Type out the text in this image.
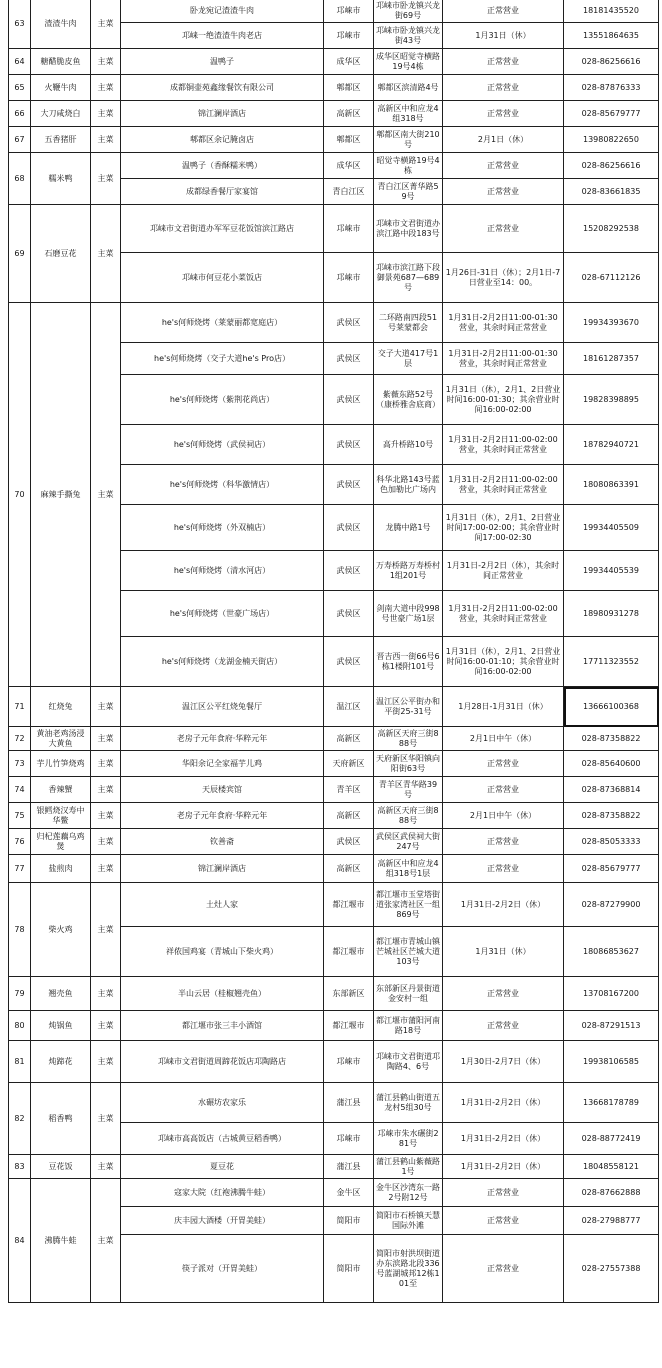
63	渣渣牛肉	主菜	卧龙宛记渣渣牛肉	邛崃市	邛崃市卧龙镇兴龙街69号	正常营业	18181435520
			邛崃一绝渣渣牛肉老店	邛崃市	邛崃市卧龙镇兴龙街43号	1月31日（休）	13551864635
64	糖醋脆皮鱼	主菜	温鸭子	成华区	成华区昭觉寺横路19号4栋	正常营业	028-86256616
65	火鞭牛肉	主菜	成都铜壶苑鑫缘餐饮有限公司	郫都区	郫都区滨清路4号	正常营业	028-87876333
66	大刀咸烧白	主菜	锦江澜岸酒店	高新区	高新区中和应龙4组318号	正常营业	028-85679777
67	五香猪肝	主菜	郫都区余记腌卤店	郫都区	郫都区南大街210号	2月1日（休）	13980822650
68	糯米鸭	主菜	温鸭子（香酥糯米鸭）	成华区	昭觉寺横路19号4栋	正常营业	028-86256616
			成都绿香餐厅家宴馆	青白江区	青白江区菁华路59号	正常营业	028-83661835
69	石磨豆花	主菜	邛崃市文君街道办军军豆花饭馆滨江路店	邛崃市	邛崃市文君街道办滨江路中段183号	正常营业	15208292538
			邛崃市何豆花小菜饭店	邛崃市	邛崃市滨江路下段御景苑687—689号	1月26日-31日（休）；2月1日-7日营业至14：00。	028-67112126
70	麻辣手撕兔	主菜	he's何师烧烤（莱蒙丽都宽庭店）	武侯区	二环路南四段51号莱蒙都会	1月31日-2月2日11:00-01:30营业，其余时间正常营业	19934393670
			he's何师烧烤（交子大道he's Pro店）	武侯区	交子大道417号1层	1月31日-2月2日11:00-01:30营业，其余时间正常营业	18161287357
			he's何师烧烤（紫荆花尚店）	武侯区	紫薇东路52号（康桥雅舍底商）	1月31日（休），2月1、2日营业时间16:00-01:30；其余营业时间16:00-02:00	19828398895
			he's何师烧烤（武侯祠店）	武侯区	高升桥路10号	1月31日-2月2日11:00-02:00营业，其余时间正常营业	18782940721
			he's何师烧烤（科华激情店）	武侯区	科华北路143号蓝色加勒比广场内	1月31日-2月2日11:00-02:00营业，其余时间正常营业	18080863391
			he's何师烧烤（外双楠店）	武侯区	龙腾中路1号	1月31日（休），2月1、2日营业时间17:00-02:00；其余营业时间17:00-02:30	19934405509
			he's何师烧烤（清水河店）	武侯区	万寿桥路万寿桥村1组201号	1月31日-2月2日（休），其余时间正常营业	19934405539
			he's何师烧烤（世豪广场店）	武侯区	剑南大道中段998号世豪广场1层	1月31日-2月2日11:00-02:00营业，其余时间正常营业	18980931278
			he's何师烧烤（龙湖金楠天街店）	武侯区	晋吉西一街66号6栋1楼附101号	1月31日（休），2月1、2日营业时间16:00-01:10；其余营业时间16:00-02:00	17711323552
71	红烧兔	主菜	温江区公平红烧兔餐厅	温江区	温江区公平街办和平街25-31号	1月28日-1月31日（休）	13666100368
72	黄油老鸡汤浸大黄鱼	主菜	老房子元年食府·华粹元年	高新区	高新区天府三街888号	2月1日中午（休）	028-87358822
73	芋儿竹笋烧鸡	主菜	华阳余记全家福芋儿鸡	天府新区	天府新区华阳镇向阳街63号	正常营业	028-85640600
74	香辣蟹	主菜	天辰楼宾馆	青羊区	青羊区青华路39号	正常营业	028-87368814
75	银鳕烧汉寿中华鳖	主菜	老房子元年食府·华粹元年	高新区	高新区天府三街888号	2月1日中午（休）	028-87358822
76	归杞莲藕乌鸡煲	主菜	钦善斋	武侯区	武侯区武侯祠大街247号	正常营业	028-85053333
77	盐煎肉	主菜	锦江澜岸酒店	高新区	高新区中和应龙4组318号1层	正常营业	028-85679777
78	柴火鸡	主菜	土灶人家	都江堰市	都江堰市玉堂塔街道张家湾社区一组869号	1月31日-2月2日（休）	028-87279900
			祥侬国鸡宴（青城山下柴火鸡）	都江堰市	都江堰市青城山镇芒城社区芒城大道103号	1月31日（休）	18086853627
79	翘壳鱼	主菜	半山云居（桂椒翘壳鱼）	东部新区	东部新区丹景街道金安村一组	正常营业	13708167200
80	炖锅鱼	主菜	都江堰市张三丰小酒馆	都江堰市	都江堰市蒲阳河南路18号	正常营业	028-87291513
81	炖蹄花	主菜	邛崃市文君街道周蹄花饭店邛陶路店	邛崃市	邛崃市文君街道邛陶路4、6号	1月30日-2月7日（休）	19938106585
82	稻香鸭	主菜	水碾坊农家乐	蒲江县	蒲江县鹤山街道五龙村5组30号	1月31日-2月2日（休）	13668178789
			邛崃市高高饭店（古城黄豆稻香鸭）	邛崃市	邛崃市朱水碾街281号	1月31日-2月2日（休）	028-88772419
83	豆花饭	主菜	夏豆花	蒲江县	蒲江县鹤山紫薇路1号	1月31日-2月2日（休）	18048558121
84	沸腾牛蛙	主菜	寇家大院（红袍沸腾牛蛙）	金牛区	金牛区沙湾东一路2号附12号	正常营业	028-87662888
			庆丰园大酒楼（开胃美蛙）	简阳市	简阳市石桥镇天慧国际外滩	正常营业	028-27988777
			筷子派对（开胃美蛙）	简阳市	简阳市射洪坝街道办东滨路北段336号蓝湖城邦12栋101至	正常营业	028-27557388
